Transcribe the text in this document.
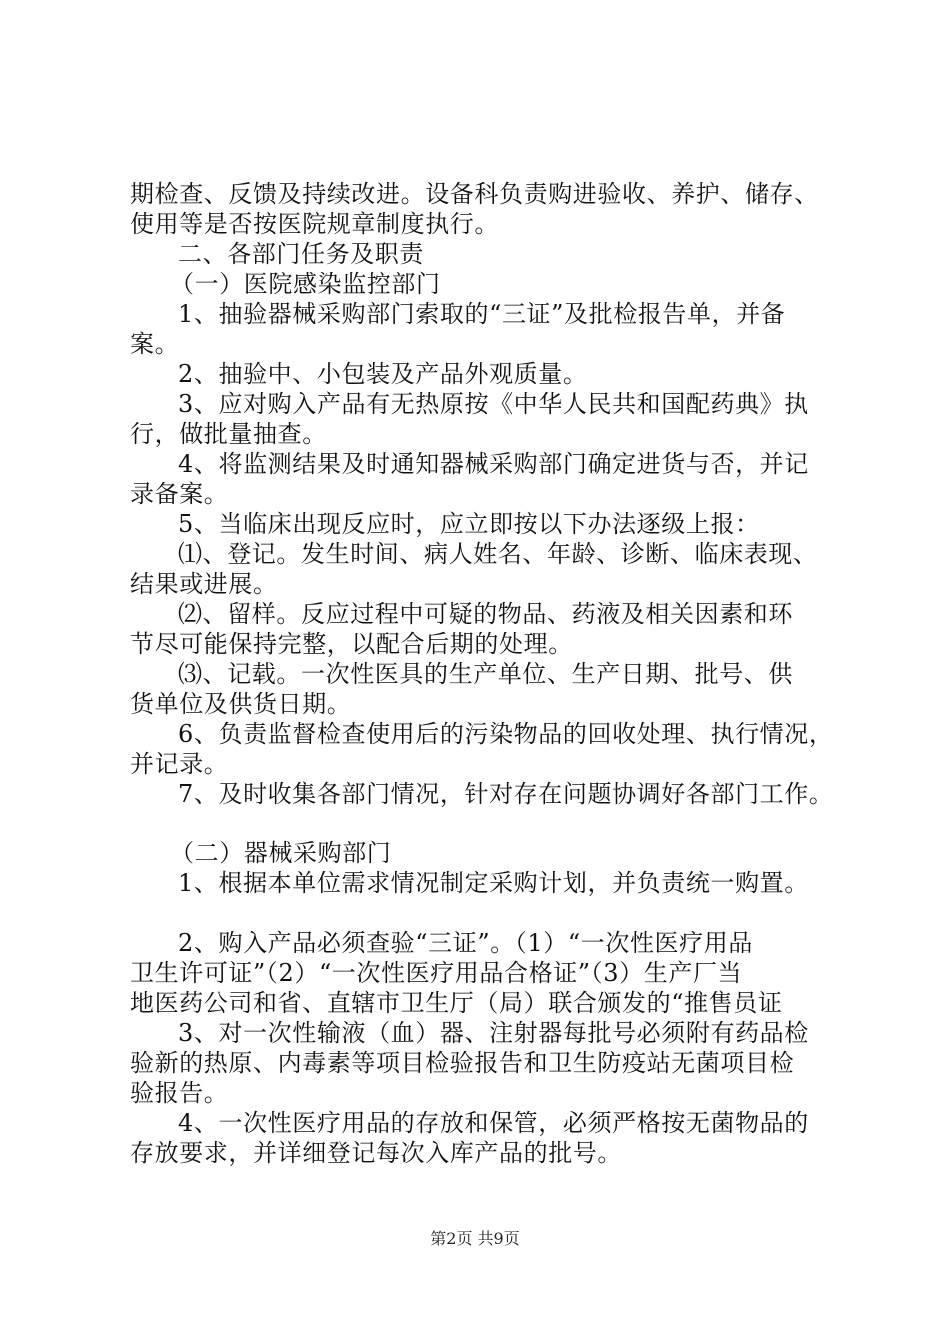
期检查、反馈及持续改进。设备科负责购进验收、养护、储存、
使用等是否按医院规章制度执行。
二、各部门任务及职责
（一）医院感染监控部门
1、抽验器械采购部门索取的“三证”及批检报告单，并备
案。
2、抽验中、小包装及产品外观质量。
3、应对购入产品有无热原按《中华人民共和国配药典》执
行，做批量抽查。
4、将监测结果及时通知器械采购部门确定进货与否，并记
录备案。
5、当临床出现反应时，应立即按以下办法逐级上报：
⑴、登记。发生时间、病人姓名、年龄、诊断、临床表现、
结果或进展。
⑵、留样。反应过程中可疑的物品、药液及相关因素和环
节尽可能保持完整，以配合后期的处理。
⑶、记载。一次性医具的生产单位、生产日期、批号、供
货单位及供货日期。
6、负责监督检查使用后的污染物品的回收处理、执行情况，
并记录。
7、及时收集各部门情况，针对存在问题协调好各部门工作。
（二）器械采购部门
1、根据本单位需求情况制定采购计划，并负责统一购置。
2、购入产品必须查验“三证”。（1）“一次性医疗用品
卫生许可证”（2）“一次性医疗用品合格证”（3）生产厂当
地医药公司和省、直辖市卫生厅（局）联合颁发的“推售员证
3、对一次性输液（血）器、注射器每批号必须附有药品检
验新的热原、内毒素等项目检验报告和卫生防疫站无菌项目检
验报告。
4、一次性医疗用品的存放和保管，必须严格按无菌物品的
存放要求，并详细登记每次入库产品的批号。
第2页 共9页
